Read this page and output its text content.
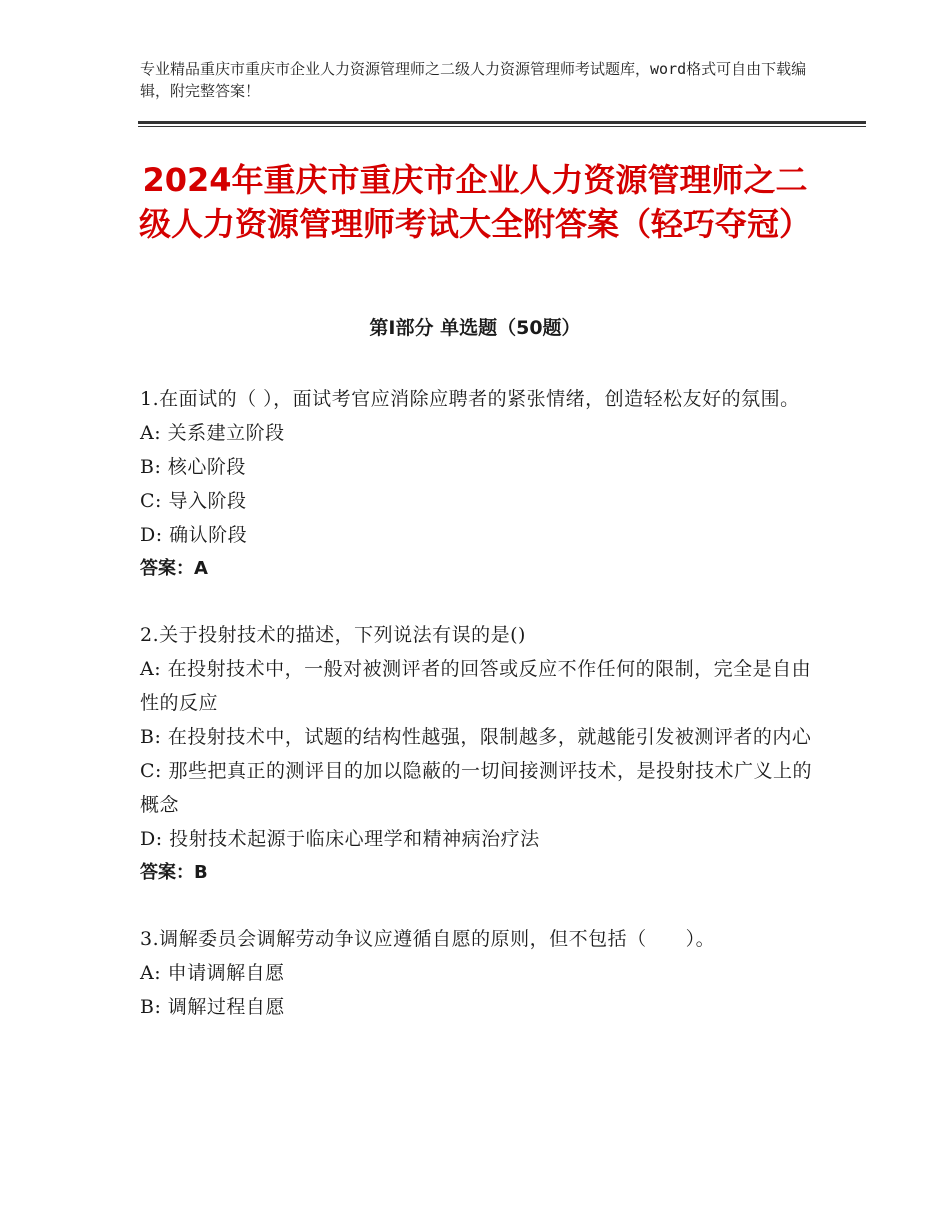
专业精品重庆市重庆市企业人力资源管理师之二级人力资源管理师考试题库，word格式可自由下载编辑，附完整答案！
2024年重庆市重庆市企业人力资源管理师之二级人力资源管理师考试大全附答案（轻巧夺冠）
第Ⅰ部分 单选题（50题）
1.在面试的（ ），面试考官应消除应聘者的紧张情绪，创造轻松友好的氛围。
A: 关系建立阶段
B: 核心阶段
C: 导入阶段
D: 确认阶段
答案：A
2.关于投射技术的描述，下列说法有误的是()
A: 在投射技术中，一般对被测评者的回答或反应不作任何的限制，完全是自由性的反应
B: 在投射技术中，试题的结构性越强，限制越多，就越能引发被测评者的内心
C: 那些把真正的测评目的加以隐蔽的一切间接测评技术，是投射技术广义上的概念
D: 投射技术起源于临床心理学和精神病治疗法
答案：B
3.调解委员会调解劳动争议应遵循自愿的原则，但不包括（　　）。
A: 申请调解自愿
B: 调解过程自愿
